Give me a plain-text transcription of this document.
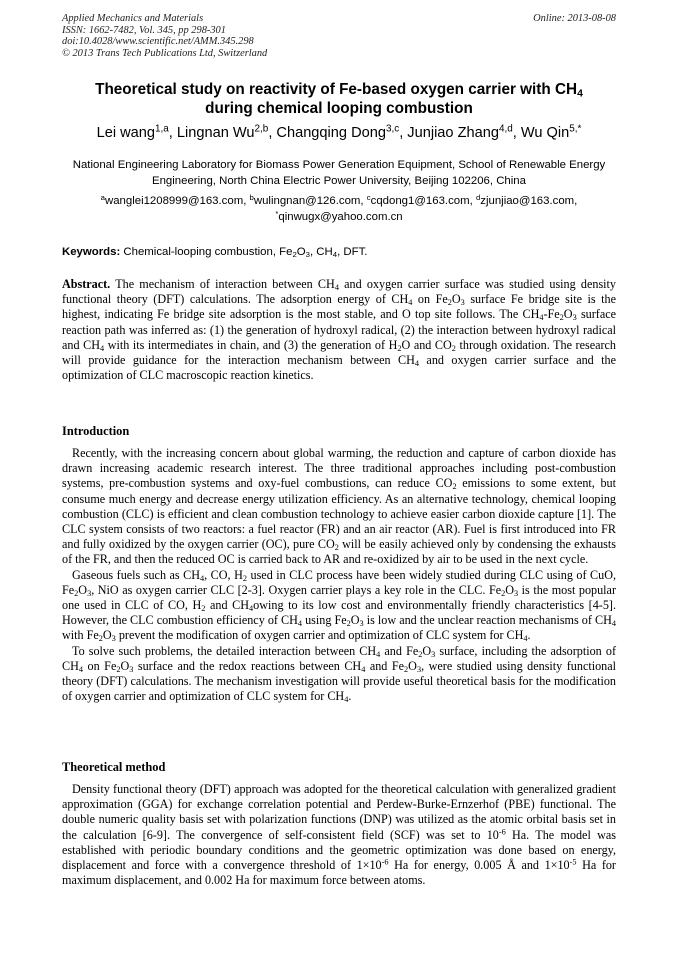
Applied Mechanics and Materials
ISSN: 1662-7482, Vol. 345, pp 298-301
doi:10.4028/www.scientific.net/AMM.345.298
© 2013 Trans Tech Publications Ltd, Switzerland
Online: 2013-08-08
Theoretical study on reactivity of Fe-based oxygen carrier with $CH_4$
during chemical looping combustion
Lei wang$^{1,a}$, Lingnan Wu$^{2,b}$, Changqing Dong$^{3,c}$, Junjiao Zhang$^{4,d}$, Wu Qin$^{5,*}$
National Engineering Laboratory for Biomass Power Generation Equipment, School of Renewable Energy Engineering, North China Electric Power University, Beijing 102206, China
$^a$wanglei1208999@163.com, $^b$wulingnan@126.com, $^c$cqdong1@163.com, $^d$zjunjiao@163.com,
*qinwugx@yahoo.com.cn
Keywords: Chemical-looping combustion, $Fe_2O_3$, $CH_4$, DFT.

Abstract. The mechanism of interaction between $CH_4$ and oxygen carrier surface was studied using density functional theory (DFT) calculations. The adsorption energy of $CH_4$ on $Fe_2O_3$ surface Fe bridge site is the highest, indicating Fe bridge site adsorption is the most stable, and O top site follows. The $CH_4-Fe_2O_3$ surface reaction path was inferred as: (1) the generation of hydroxyl radical, (2) the interaction between hydroxyl radical and $CH_4$ with its intermediates in chain, and (3) the generation of $H_2O$ and $CO_2$ through oxidation. The research will provide guidance for the interaction mechanism between $CH_4$ and oxygen carrier surface and the optimization of CLC macroscopic reaction kinetics.

Introduction

Recently, with the increasing concern about global warming, the reduction and capture of carbon dioxide has drawn increasing academic research interest. The three traditional approaches including post-combustion systems, pre-combustion systems and oxy-fuel combustions, can reduce $CO_2$ emissions to some extent, but consume much energy and decrease energy utilization efficiency. As an alternative technology, chemical looping combustion (CLC) is efficient and clean combustion technology to achieve easier carbon dioxide capture [1]. The CLC system consists of two reactors: a fuel reactor (FR) and an air reactor (AR). Fuel is first introduced into FR and fully oxidized by the oxygen carrier (OC), pure $CO_2$ will be easily achieved only by condensing the exhausts of the FR, and then the reduced OC is carried back to AR and re-oxidized by air to be used in the next cycle.

Gaseous fuels such as $CH_4$, CO, $H_2$ used in CLC process have been widely studied during CLC using of CuO, $Fe_2O_3$, NiO as oxygen carrier CLC [2-3]. Oxygen carrier plays a key role in the CLC. $Fe_2O_3$ is the most popular one used in CLC of CO, $H_2$ and $CH_4owing$ to its low cost and environmentally friendly characteristics [4-5]. However, the CLC combustion efficiency of $CH_4$ using $Fe_2O_3$ is low and the unclear reaction mechanisms of $CH_4$ with $Fe_2O_3$ prevent the modification of oxygen carrier and optimization of CLC system for $CH_4$.

To solve such problems, the detailed interaction between $CH_4$ and $Fe_2O_3$ surface, including the adsorption of $CH_4$ on $Fe_2O_3$ surface and the redox reactions between $CH_4$ and $Fe_2O_3$, were studied using density functional theory (DFT) calculations. The mechanism investigation will provide useful theoretical basis for the modification of oxygen carrier and optimization of CLC system for $CH_4$.

Theoretical method

Density functional theory (DFT) approach was adopted for the theoretical calculation with generalized gradient approximation (GGA) for exchange correlation potential and Perdew-Burke-Ernzerhof (PBE) functional. The double numeric quality basis set with polarization functions (DNP) was utilized as the atomic orbital basis set in the calculation [6-9]. The convergence of self-consistent field (SCF) was set to $10^{-6}$ Ha. The model was established with periodic boundary conditions and the geometric optimization was done based on energy, displacement and force with a convergence threshold of $1\times 10^{-6}$ Ha for energy, 0.005 Å and $1\times 10^{-5}$ Ha for maximum displacement, and 0.002 Ha for maximum force between atoms.
